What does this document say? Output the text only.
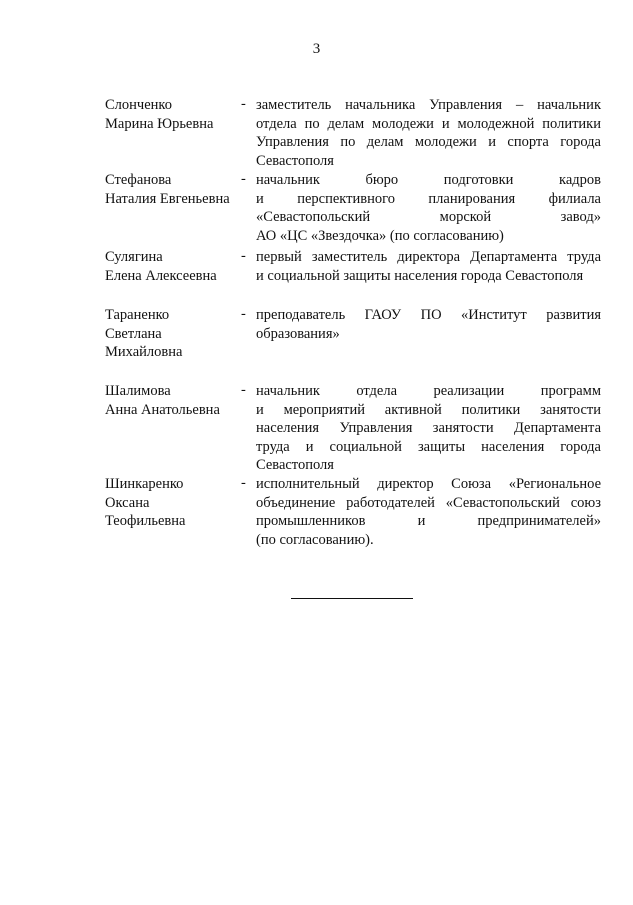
3
Слонченко
Марина Юрьевна
- заместитель начальника Управления – начальник
отдела по делам молодежи и молодежной политики
Управления по делам молодежи и спорта города
Севастополя
Стефанова
Наталия Евгеньевна
- начальник бюро подготовки кадров
и перспективного планирования филиала
«Севастопольский морской завод»
АО «ЦС «Звездочка» (по согласованию)
Сулягина
Елена Алексеевна
- первый заместитель директора Департамента труда
и социальной защиты населения города Севастополя
Тараненко
Светлана
Михайловна
- преподаватель ГАОУ ПО «Институт развития
образования»
Шалимова
Анна Анатольевна
- начальник отдела реализации программ
и мероприятий активной политики занятости
населения Управления занятости Департамента
труда и социальной защиты населения города
Севастополя
Шинкаренко
Оксана
Теофильевна
- исполнительный директор Союза «Региональное
объединение работодателей «Севастопольский союз
промышленников и предпринимателей»
(по согласованию).
